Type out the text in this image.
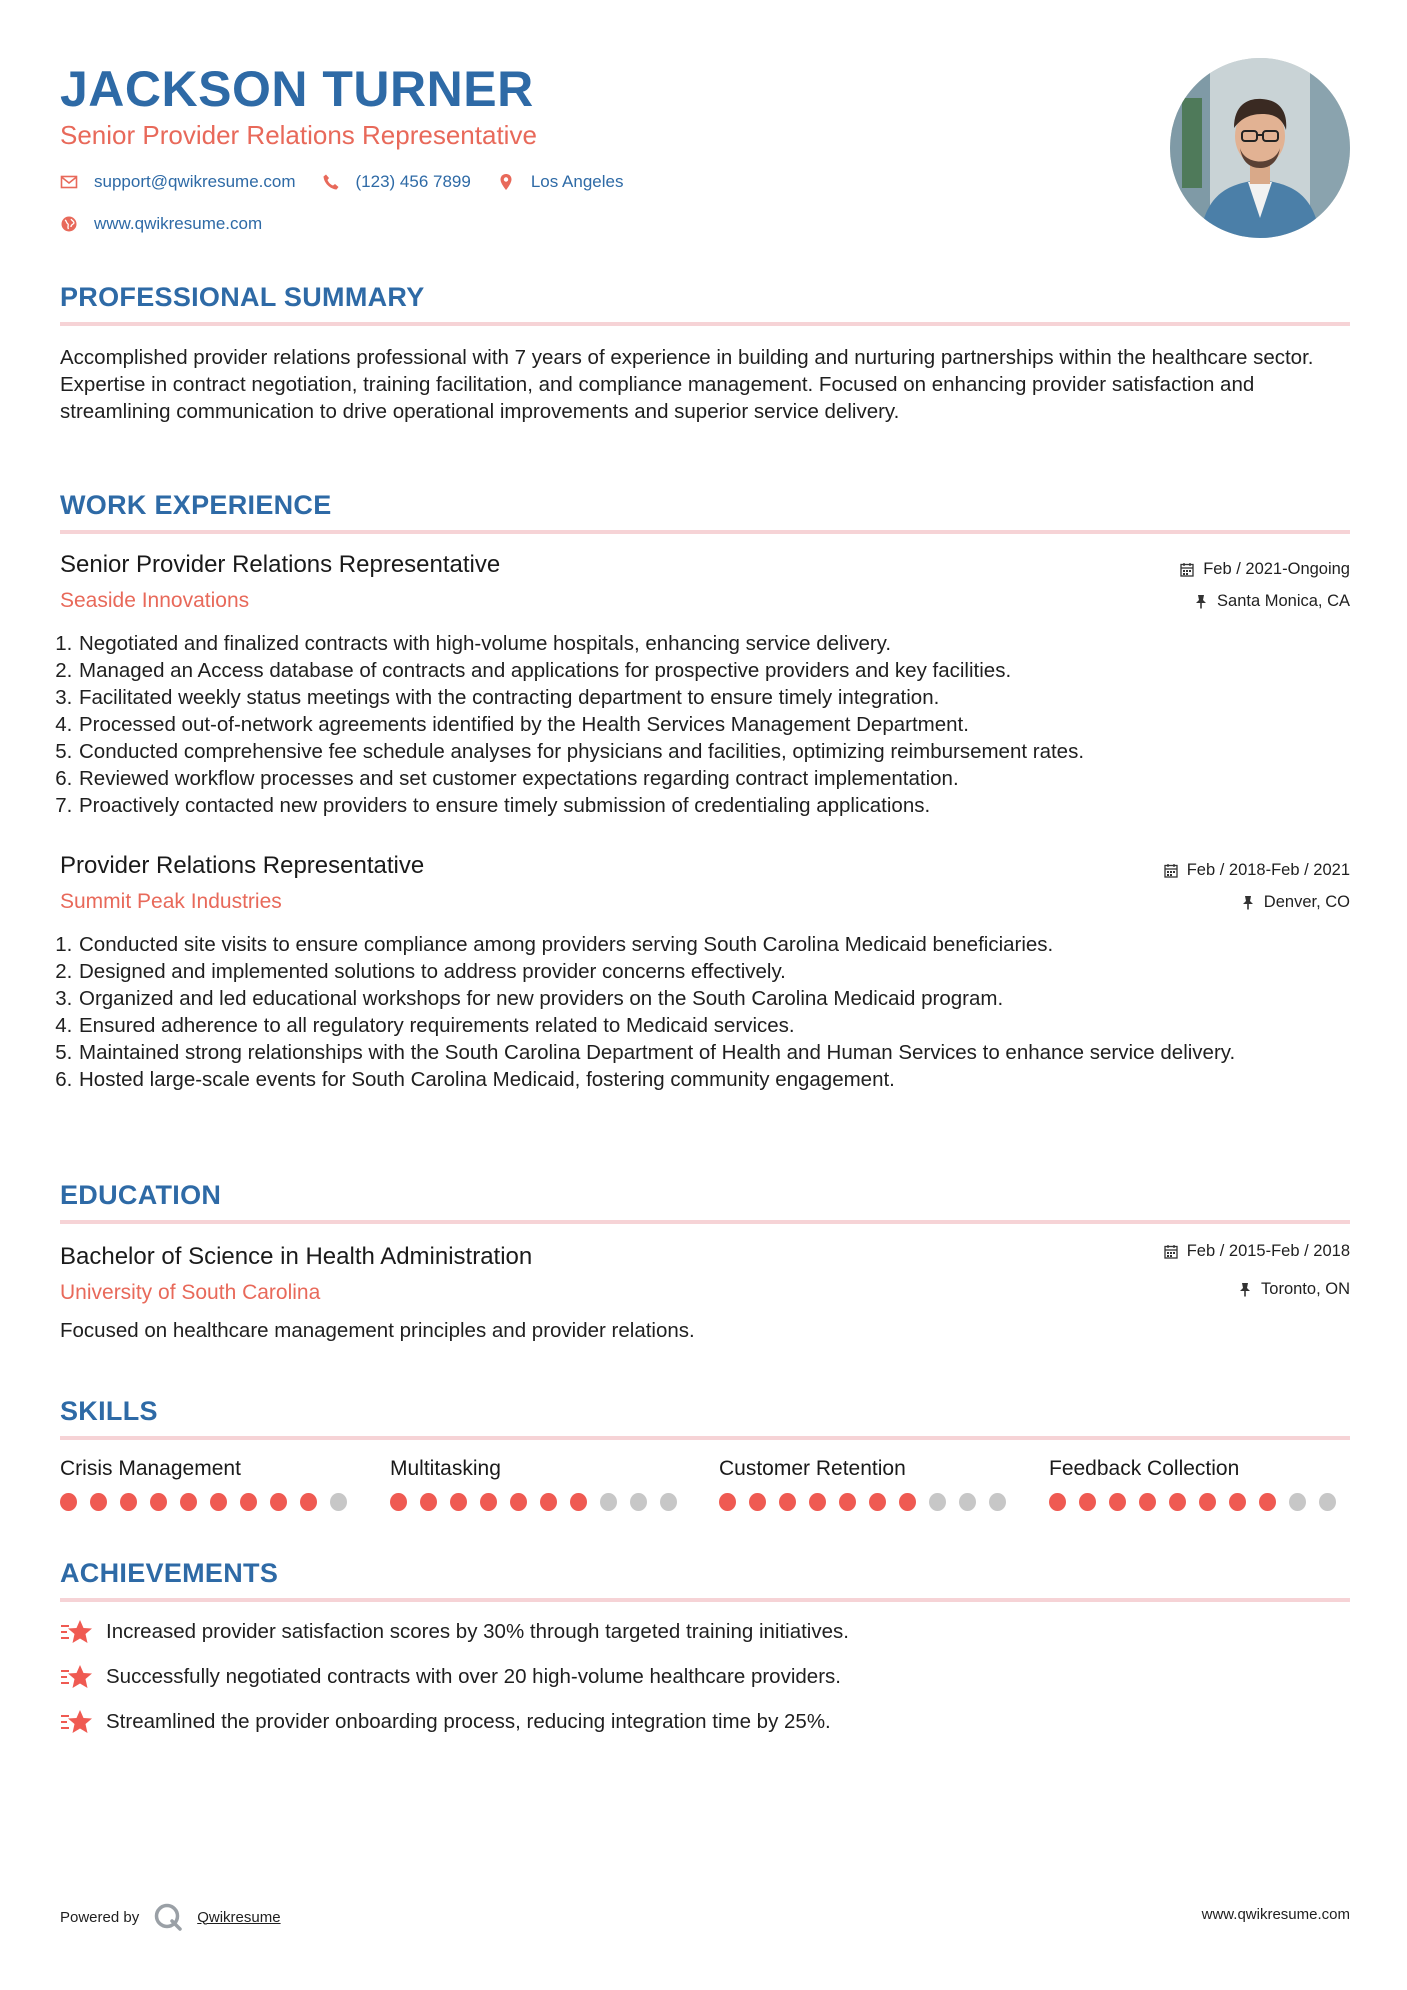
JACKSON TURNER
Senior Provider Relations Representative
support@qwikresume.com	(123) 456 7899	Los Angeles
www.qwikresume.com
PROFESSIONAL SUMMARY
Accomplished provider relations professional with 7 years of experience in building and nurturing partnerships within the healthcare sector. Expertise in contract negotiation, training facilitation, and compliance management. Focused on enhancing provider satisfaction and streamlining communication to drive operational improvements and superior service delivery.
WORK EXPERIENCE
Senior Provider Relations Representative	Feb / 2021-Ongoing
Seaside Innovations	Santa Monica, CA
1. Negotiated and finalized contracts with high-volume hospitals, enhancing service delivery.
2. Managed an Access database of contracts and applications for prospective providers and key facilities.
3. Facilitated weekly status meetings with the contracting department to ensure timely integration.
4. Processed out-of-network agreements identified by the Health Services Management Department.
5. Conducted comprehensive fee schedule analyses for physicians and facilities, optimizing reimbursement rates.
6. Reviewed workflow processes and set customer expectations regarding contract implementation.
7. Proactively contacted new providers to ensure timely submission of credentialing applications.
Provider Relations Representative	Feb / 2018-Feb / 2021
Summit Peak Industries	Denver, CO
1. Conducted site visits to ensure compliance among providers serving South Carolina Medicaid beneficiaries.
2. Designed and implemented solutions to address provider concerns effectively.
3. Organized and led educational workshops for new providers on the South Carolina Medicaid program.
4. Ensured adherence to all regulatory requirements related to Medicaid services.
5. Maintained strong relationships with the South Carolina Department of Health and Human Services to enhance service delivery.
6. Hosted large-scale events for South Carolina Medicaid, fostering community engagement.
EDUCATION
Bachelor of Science in Health Administration	Feb / 2015-Feb / 2018
University of South Carolina	Toronto, ON
Focused on healthcare management principles and provider relations.
SKILLS
Crisis Management	Multitasking	Customer Retention	Feedback Collection
ACHIEVEMENTS
Increased provider satisfaction scores by 30% through targeted training initiatives.
Successfully negotiated contracts with over 20 high-volume healthcare providers.
Streamlined the provider onboarding process, reducing integration time by 25%.
Powered by	Qwikresume	www.qwikresume.com
